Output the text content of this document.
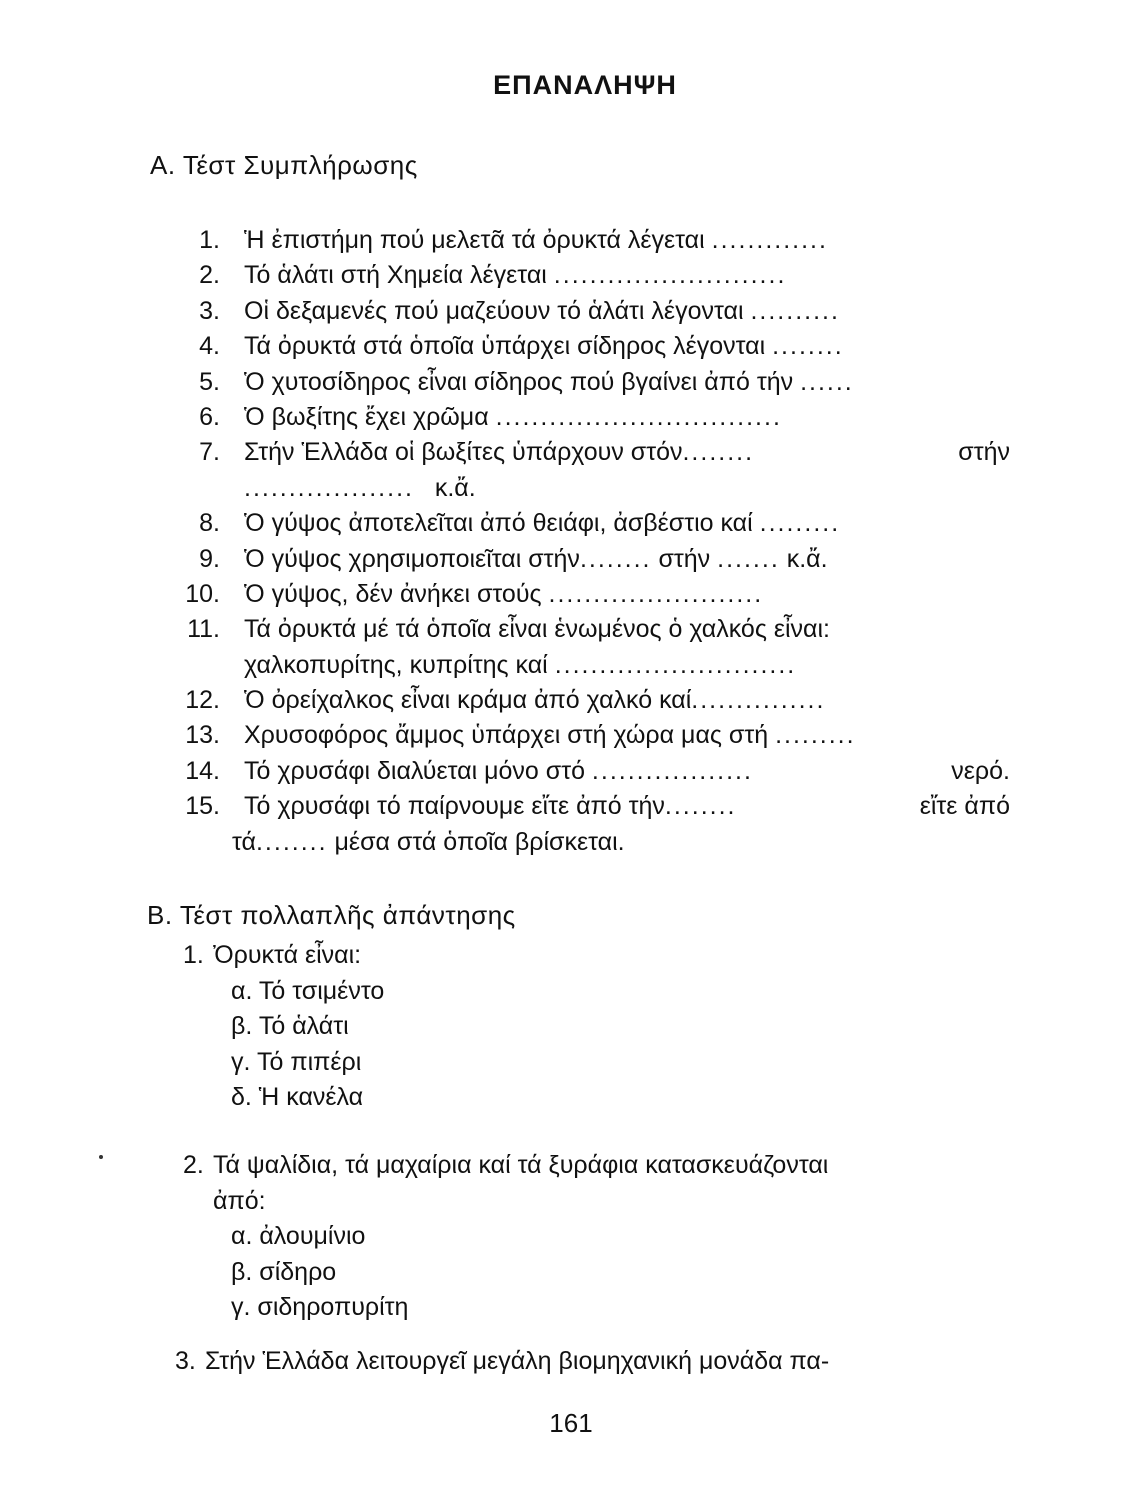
ΕΠΑΝΑΛΗΨΗ
Α. Τέστ Συμπλήρωσης
1. Ἡ ἐπιστήμη πού μελετᾶ τά ὀρυκτά λέγεται .............
2. Τό ἁλάτι στή Χημεία λέγεται ..........................
3. Οἱ δεξαμενές πού μαζεύουν τό ἁλάτι λέγονται ..........
4. Τά ὀρυκτά στά ὁποῖα ὑπάρχει σίδηρος λέγονται ........
5. Ὁ χυτοσίδηρος εἶναι σίδηρος πού βγαίνει ἀπό τήν ......
6. Ὁ βωξίτης ἔχει χρῶμα ................................
7. Στήν Ἑλλάδα οἱ βωξίτες ὑπάρχουν στόν........	στήν
................... κ.ἄ.
8. Ὁ γύψος ἀποτελεῖται ἀπό θειάφι, ἀσβέστιο καί .........
9. Ὁ γύψος χρησιμοποιεῖται στήν........ στήν ....... κ.ἄ.
10. Ὁ γύψος, δέν ἀνήκει στούς ........................
11. Τά ὀρυκτά μέ τά ὁποῖα εἶναι ἑνωμένος ὁ χαλκός εἶναι:
χαλκοπυρίτης, κυπρίτης καί ...........................
12. Ὁ ὀρείχαλκος εἶναι κράμα ἀπό χαλκό καί...............
13. Χρυσοφόρος ἄμμος ὑπάρχει στή χώρα μας στή .........
14. Τό χρυσάφι διαλύεται μόνο στό ..................	νερό.
15. Τό χρυσάφι τό παίρνουμε εἴτε ἀπό τήν........	εἴτε ἀπό
τά........ μέσα στά ὁποῖα βρίσκεται.
Β. Τέστ πολλαπλῆς ἀπάντησης
1. Ὀρυκτά εἶναι:
α. Τό τσιμέντο
β. Τό ἁλάτι
γ. Τό πιπέρι
δ. Ἡ κανέλα
2. Τά ψαλίδια, τά μαχαίρια καί τά ξυράφια κατασκευάζονται
ἀπό:
α. ἀλουμίνιο
β. σίδηρο
γ. σιδηροπυρίτη
3. Στήν Ἑλλάδα λειτουργεῖ μεγάλη βιομηχανική μονάδα πα-
161
